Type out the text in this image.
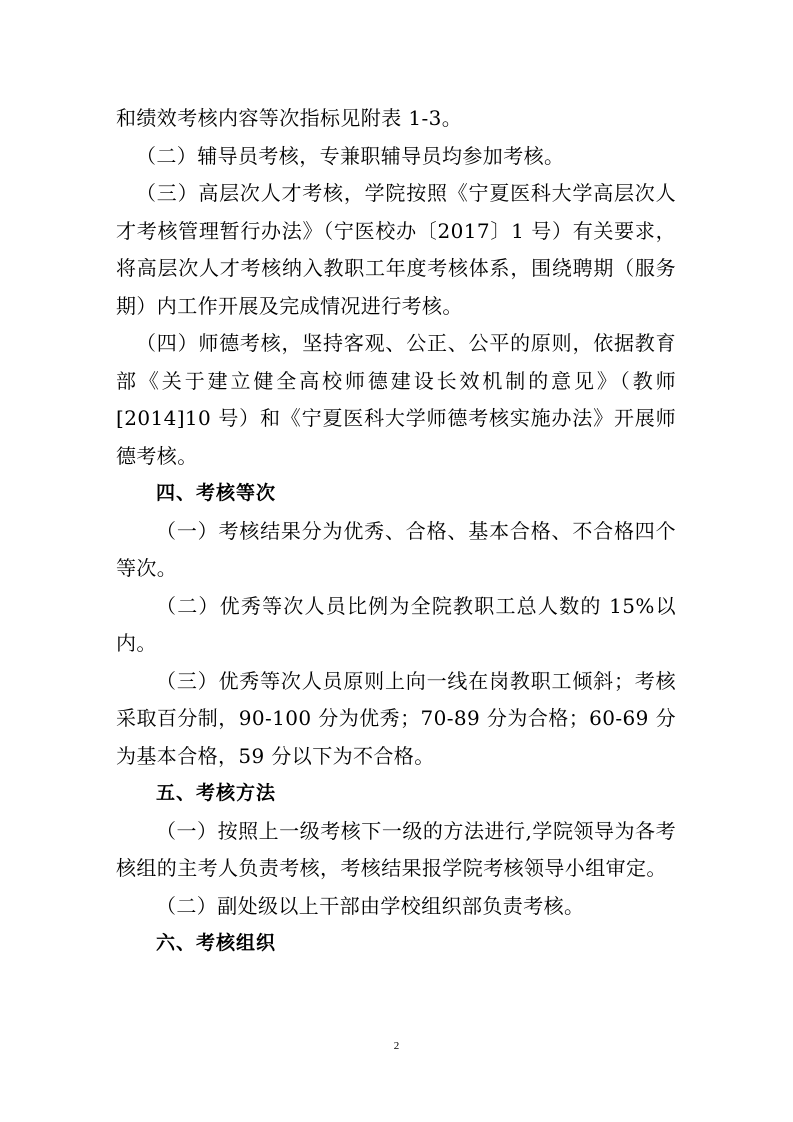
和绩效考核内容等次指标见附表 1-3。

（二）辅导员考核，专兼职辅导员均参加考核。

（三）高层次人才考核，学院按照《宁夏医科大学高层次人才考核管理暂行办法》（宁医校办〔2017〕1 号）有关要求，将高层次人才考核纳入教职工年度考核体系，围绕聘期（服务期）内工作开展及完成情况进行考核。

（四）师德考核，坚持客观、公正、公平的原则，依据教育部《关于建立健全高校师德建设长效机制的意见》（教师[2014]10 号）和《宁夏医科大学师德考核实施办法》开展师德考核。

四、考核等次

（一）考核结果分为优秀、合格、基本合格、不合格四个等次。

（二）优秀等次人员比例为全院教职工总人数的 15%以内。

（三）优秀等次人员原则上向一线在岗教职工倾斜；考核采取百分制，90-100 分为优秀；70-89 分为合格；60-69 分为基本合格，59 分以下为不合格。

五、考核方法

（一）按照上一级考核下一级的方法进行,学院领导为各考核组的主考人负责考核，考核结果报学院考核领导小组审定。

（二）副处级以上干部由学校组织部负责考核。

六、考核组织

2
